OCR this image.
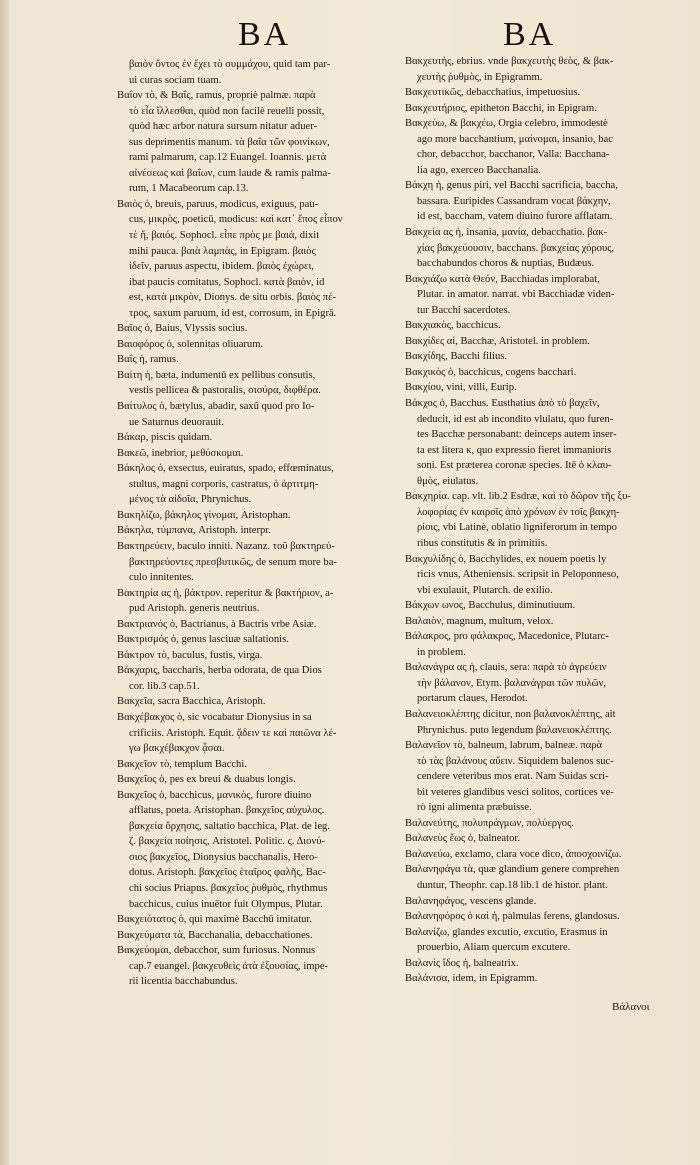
BA	BA
βαιὸν ὄντος ἐν ἔχει τὸ συμμάχου, quid tam par-
ui curas sociam tuam.
Βαΐον τὸ, & Βαΐς, ramus, propriè palmæ. παρὰ
τὸ εἶα ἴλλεσθαι, quòd non facilè reuelli possit,
quòd hæc arbor natura sursum nitatur aduer-
sus deprimentis manum. τὰ βαΐα τῶν φοινίκων,
rami palmarum, cap.12 Euangel. Ioannis. μετὰ
αἰνέσεως καὶ βαΐων, cum laude & ramis palma-
rum, 1 Macabeorum cap.13.
Βαιὸς ὁ, breuis, paruus, modicus, exiguus, pau-
cus, μικρὸς, poeticū, modicus: καὶ κατ᾽ ἔπος εἶπον
τὲ ἤ, βαιός. Sophocl. εἶπε πρὸς με βαιά, dixit
mihi pauca. βαιὰ λαμπὰς, in Epigram. βαιὸς
ἰδεῖν, paruus aspectu, ibidem. βαιὸς ἐχώρει,
ibat paucis comitatus, Sophocl. κατὰ βαιὸν, id
est, κατὰ μικρὸν, Dionys. de situ orbis. βαιὸς πέ-
τρος, saxum paruum, id est, corrosum, in Epigrā.
Βαῖος ὁ, Baius, Vlyssis socius.
Βαιοφόρος ὁ, solennitas oliuarum.
Βαΐς ἡ, ramus.
Βαίτη ἡ, bæta, indumentū ex pellibus consutis,
vestis pellicea & pastoralis, σισύρα, διφθέρα.
Βαίτυλος ὁ, bætylus, abadir, saxū quod pro Io-
ue Saturnus deuorauit.
Βάκαρ, piscis quidam.
Βακεῶ, inebrior, μεθύσκομαι.
Βάκηλος ὁ, exsectus, euiratus, spado, effœminatus,
stultus, magni corporis, castratus, ὁ ἀρτιτμη-
μένος τὰ αἰδοῖα, Phrynichus.
Βακηλίζω, βάκηλος γίνομαι, Aristophan.
Βάκηλα, τύμπανα, Aristoph. interpr.
Βακτηρεύειν, baculo inniti. Nazanz. τοῦ βακτηρεύ-
βακτηρεύοντες πρεσβυτικῶς, de senum more ba-
culo innitentes.
Βακτηρία ας ἡ, βάκτρον. reperitur & βακτήριον, a-
pud Aristoph. generis neutrius.
Βακτριανός ὁ, Bactrianus, à Bactris vrbe Asiæ.
Βακτρισμός ὁ, genus lasciuæ saltationis.
Βάκτρον τὸ, baculus, fustis, virga.
Βάκχαρις, baccharis, herba odorata, de qua Dios
cor. lib.3 cap.51.
Βακχεῖα, sacra Bacchica, Aristoph.
Βακχέβακχος ὁ, sic vocabatur Dionysius in sa
crificiis. Aristoph. Equit. ᾄδειν τε καὶ παιῶνα λέ-
γω βακχέβακχον ᾆσαι.
Βακχεῖον τὸ, templum Bacchi.
Βακχεῖος ὁ, pes ex breui & duabus longis.
Βακχεῖος ὁ, bacchicus, μανικὸς, furore diuino
afflatus, poeta. Aristophan. βακχεῖος αὐχυλος.
βακχεία ὄρχησις, saltatio bacchica, Plat. de leg.
ζ. βακχεία ποίησις, Aristotel. Politic. ς. Διονύ-
σιος βακχεῖος, Dionysius bacchanalis, Hero-
dotus. Aristoph. βακχεῖος ἑταῖρος φαλῆς, Bac-
chi socius Priapus. βακχεῖος ῥυθμὸς, rhythmus
bacchicus, cuius inuētor fuit Olympus, Plutar.
Βακχειότατος ὁ, qui maximè Bacchū imitatur.
Βακχεύματα τὰ, Bacchanalia, debacchationes.
Βακχεύομαι, debacchor, sum furiosus. Nonnus
cap.7 euangel. βακχευθεὶς ἀτὰ ἐξουσίας, impe-
rii licentia bacchabundus.
Βακχευτὴς, ebrius. vnde βακχευτὴς θεὸς, & βακ-
χευτὴς ῥυθμὸς, in Epigramm.
Βακχευτικῶς, debacchatius, impetuosius.
Βακχευτήριος, epitheton Bacchi, in Epigram.
Βακχεύω, & βακχέω, Orgia celebro, immodestè
ago more bacchantium, μαίνομαι, insanio, bac
chor, debacchor, bacchanor, Valla: Bacchana-
lia ago, exerceo Bacchanalia.
Βάκχη ἡ, genus piri, vel Bacchi sacrificia, baccha,
bassara. Euripides Cassandram vocat βάκχην,
id est, baccham, vatem diuino furore afflatam.
Βακχεία ας ἡ, insania, μανία, debacchatio. βακ-
χίας βακχεύουσιν, bacchans. βακχείας χόρους,
bacchabundos choros & nuptias, Budæus.
Βακχιάζω κατὰ Θεόν, Bacchiadas implorabat,
Plutar. in amator. narrat. vbi Bacchiadæ viden-
tur Bacchi sacerdotes.
Βακχιακὸς, bacchicus.
Βακχίδες αἱ, Bacchæ, Aristotel. in problem.
Βακχίδης, Bacchi filius.
Βακχικὸς ὁ, bacchicus, cogens bacchari.
Βακχίου, vini, villi, Eurip.
Βάκχος ὁ, Bacchus. Eusthatius ἀπὸ τὸ βαχεῖν,
deducit, id est ab incondito vlulatu, quo furen-
tes Bacchæ personabant: deinceps autem inser-
ta est litera κ, quo expressio fieret immanioris
soni. Est præterea coronæ species. Itē ὁ κλαυ-
θμὸς, eiulatus.
Βακχηρία. cap. vlt. lib.2 Esdræ, καὶ τὸ δῶρον τῆς ξυ-
λοφορίας ἐν καιροῖς ἀπὸ χρόνων ἐν τοῖς βακχη-
ρίοις, vbi Latinè, oblatio ligniferorum in tempo
ribus constitutis & in primitiis.
Βακχυλίδης ὁ, Bacchylides, ex nouem poetis ly
ricis vnus, Atheniensis. scripsit in Peloponneso,
vbi exulauit, Plutarch. de exilio.
Βάκχων ωνος, Bacchulus, diminutiuum.
Βαλαιὸν, magnum, multum, velox.
Βάλακρος, pro φάλακρος, Macedonice, Plutarc-
in problem.
Βαλανάγρα ας ἡ, clauis, sera: παρὰ τὸ ἀγρεύειν
τὴν βάλανον, Etym. βαλανάγραι τῶν πυλῶν,
portarum claues, Herodot.
Βαλανειοκλέπτης dicitur, non βαλανοκλέπτης, ait
Phrynichus. puto legendum βαλανειοκλέπτης.
Βαλανεῖον τὸ, balneum, labrum, balneæ. παρὰ
τὸ τὰς βαλάνους αὔειν. Siquidem balenos suc-
cendere veteribus mos erat. Nam Suidas scri-
bit veteres glandibus vesci solitos, cortices ve-
rò igni alimenta præbuisse.
Βαλανεύτης, πολυπράγμων, πολύεργος.
Βαλανεὺς ἕως ὁ, balneator.
Βαλανεύω, exclamo, clara voce dico, ἀποσχοινίζω.
Βαλανηφάγα τὰ, quæ glandium genere comprehen
duntur, Theophr. cap.18 lib.1 de histor. plant.
Βαλανηφάγος, vescens glande.
Βαλανηφόρος ὁ καὶ ἡ, palmulas ferens, glandosus.
Βαλανίζω, glandes excutio, excutio, Erasmus in
prouerbio, Aliam quercum excutere.
Βαλανὶς ἴδος ἡ, balneatrix.
Βαλάνισα, idem, in Epigramm.
Βάλανοι
